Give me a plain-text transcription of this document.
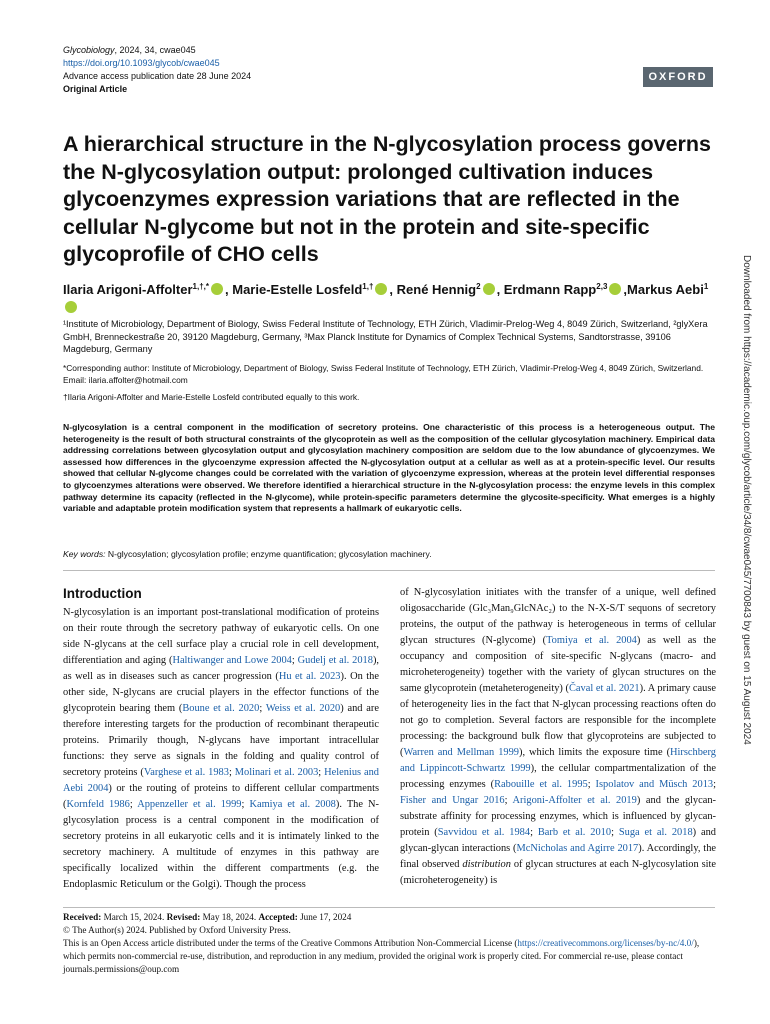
Glycobiology, 2024, 34, cwae045
https://doi.org/10.1093/glycob/cwae045
Advance access publication date 28 June 2024
Original Article
OXFORD
A hierarchical structure in the N-glycosylation process governs the N-glycosylation output: prolonged cultivation induces glycoenzymes expression variations that are reflected in the cellular N-glycome but not in the protein and site-specific glycoprofile of CHO cells
Ilaria Arigoni-Affolter$^{1,\dagger,*}$ , Marie-Estelle Losfeld$^{1,\dagger}$ , René Hennig$^2$ , Erdmann Rapp$^{2,3}$ ,Markus Aebi$^1$
¹Institute of Microbiology, Department of Biology, Swiss Federal Institute of Technology, ETH Zürich, Vladimir-Prelog-Weg 4, 8049 Zürich, Switzerland, ²glyXera GmbH, Brenneckestraße 20, 39120 Magdeburg, Germany, ³Max Planck Institute for Dynamics of Complex Technical Systems, Sandtorstrasse, 39106 Magdeburg, Germany
*Corresponding author: Institute of Microbiology, Department of Biology, Swiss Federal Institute of Technology, ETH Zürich, Vladimir-Prelog-Weg 4, 8049 Zürich, Switzerland. Email: ilaria.affolter@hotmail.com
†Ilaria Arigoni-Affolter and Marie-Estelle Losfeld contributed equally to this work.
N-glycosylation is a central component in the modification of secretory proteins. One characteristic of this process is a heterogeneous output. The heterogeneity is the result of both structural constraints of the glycoprotein as well as the composition of the cellular glycosylation machinery. Empirical data addressing correlations between glycosylation output and glycosylation machinery composition are seldom due to the low abundance of glycoenzymes. We assessed how differences in the glycoenzyme expression affected the N-glycosylation output at a cellular as well as at a protein-specific level. Our results showed that cellular N-glycome changes could be correlated with the variation of glycoenzyme expression, whereas at the protein level differential responses to glycoenzymes alterations were observed. We therefore identified a hierarchical structure in the N-glycosylation process: the enzyme levels in this complex pathway determine its capacity (reflected in the N-glycome), while protein-specific parameters determine the glycosite-specificity. What emerges is a highly variable and adaptable protein modification system that represents a hallmark of eukaryotic cells.
Key words: N-glycosylation; glycosylation profile; enzyme quantification; glycosylation machinery.
Introduction
N-glycosylation is an important post-translational modification of proteins on their route through the secretory pathway of eukaryotic cells. On one side N-glycans at the cell surface play a crucial role in cell development, differentiation and aging (Haltiwanger and Lowe 2004; Gudelj et al. 2018), as well as in diseases such as cancer progression (Hu et al. 2023). On the other side, N-glycans are crucial players in the effector functions of the glycoprotein bearing them (Boune et al. 2020; Weiss et al. 2020) and are therefore interesting targets for the production of recombinant therapeutic proteins. Primarily though, N-glycans have important intracellular functions: they serve as signals in the folding and quality control of secretory proteins (Varghese et al. 1983; Molinari et al. 2003; Helenius and Aebi 2004) or the routing of proteins to different cellular compartments (Kornfeld 1986; Appenzeller et al. 1999; Kamiya et al. 2008). The N-glycosylation process is a central component in the modification of secretory proteins in all eukaryotic cells and it is intimately linked to the secretory machinery. A multitude of enzymes in this pathway are specifically localized within the different compartments (e.g. the Endoplasmic Reticulum or the Golgi). Though the process
of N-glycosylation initiates with the transfer of a unique, well defined oligosaccharide (Glc₃Man₉GlcNAc₂) to the N-X-S/T sequons of secretory proteins, the output of the pathway is heterogeneous in terms of cellular glycan structures (N-glycome) (Tomiya et al. 2004) as well as the occupancy and composition of site-specific N-glycans (macro- and microheterogeneity) together with the variety of glycan structures on the same glycoprotein (metaheterogeneity) (Čaval et al. 2021). A primary cause of heterogeneity lies in the fact that N-glycan processing reactions often do not go to completion. Several factors are responsible for the incomplete processing: the background bulk flow that glycoproteins are subjected to (Warren and Mellman 1999), which limits the exposure time (Hirschberg and Lippincott-Schwartz 1999), the cellular compartmentalization of the processing enzymes (Rabouille et al. 1995; Ispolatov and Müsch 2013; Fisher and Ungar 2016; Arigoni-Affolter et al. 2019) and the glycan-substrate affinity for processing enzymes, which is influenced by glycan-protein (Savvidou et al. 1984; Barb et al. 2010; Suga et al. 2018) and glycan-glycan interactions (McNicholas and Agirre 2017). Accordingly, the final observed distribution of glycan structures at each N-glycosylation site (microheterogeneity) is
Received: March 15, 2024. Revised: May 18, 2024. Accepted: June 17, 2024
© The Author(s) 2024. Published by Oxford University Press.
This is an Open Access article distributed under the terms of the Creative Commons Attribution Non-Commercial License (https://creativecommons.org/licenses/by-nc/4.0/), which permits non-commercial re-use, distribution, and reproduction in any medium, provided the original work is properly cited. For commercial re-use, please contact journals.permissions@oup.com
Downloaded from https://academic.oup.com/glycob/article/34/8/cwae045/7700843 by guest on 15 August 2024
